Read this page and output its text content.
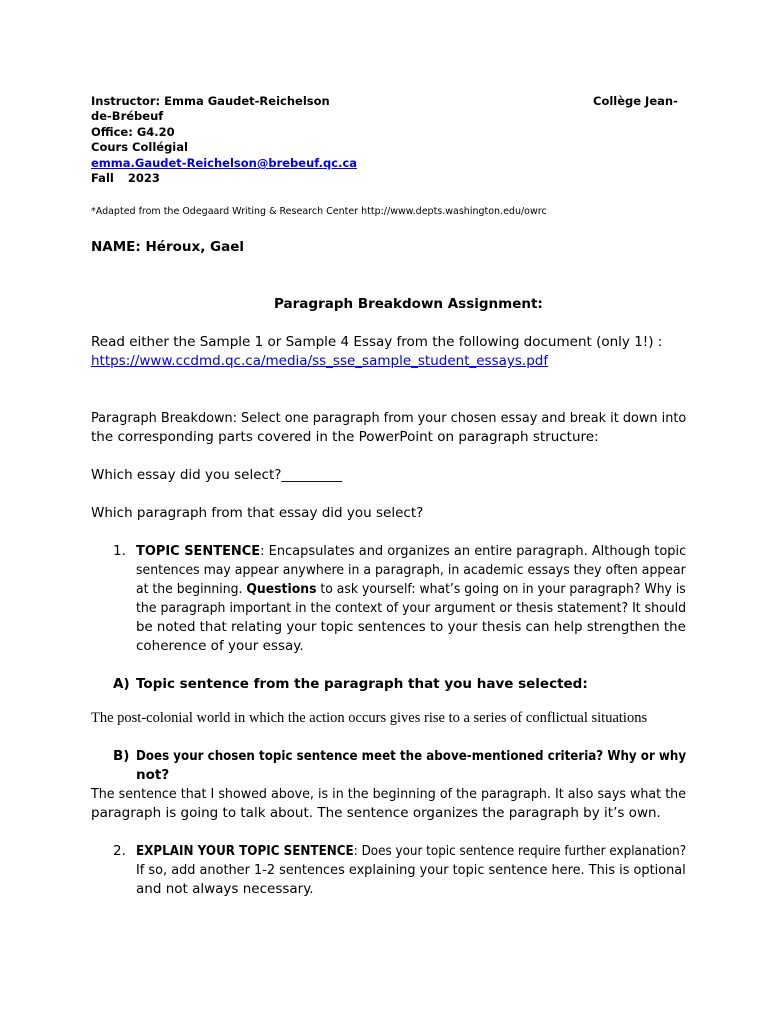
Instructor: Emma Gaudet-Reichelson	Collège Jean-
de-Brébeuf
Office: G4.20
Cours Collégial
emma.Gaudet-Reichelson@brebeuf.qc.ca
Fall 2023
*Adapted from the Odegaard Writing & Research Center http://www.depts.washington.edu/owrc
NAME: Héroux, Gael
Paragraph Breakdown Assignment:
Read either the Sample 1 or Sample 4 Essay from the following document (only 1!) :
https://www.ccdmd.qc.ca/media/ss_sse_sample_student_essays.pdf
Paragraph Breakdown: Select one paragraph from your chosen essay and break it down into
the corresponding parts covered in the PowerPoint on paragraph structure:
Which essay did you select?_________
Which paragraph from that essay did you select?
1. TOPIC SENTENCE: Encapsulates and organizes an entire paragraph. Although topic
sentences may appear anywhere in a paragraph, in academic essays they often appear
at the beginning. Questions to ask yourself: what’s going on in your paragraph? Why is
the paragraph important in the context of your argument or thesis statement? It should
be noted that relating your topic sentences to your thesis can help strengthen the
coherence of your essay.
A) Topic sentence from the paragraph that you have selected:
The post-colonial world in which the action occurs gives rise to a series of conflictual situations
B) Does your chosen topic sentence meet the above-mentioned criteria? Why or why
not?
The sentence that I showed above, is in the beginning of the paragraph. It also says what the
paragraph is going to talk about. The sentence organizes the paragraph by it’s own.
2. EXPLAIN YOUR TOPIC SENTENCE: Does your topic sentence require further explanation?
If so, add another 1-2 sentences explaining your topic sentence here. This is optional
and not always necessary.
